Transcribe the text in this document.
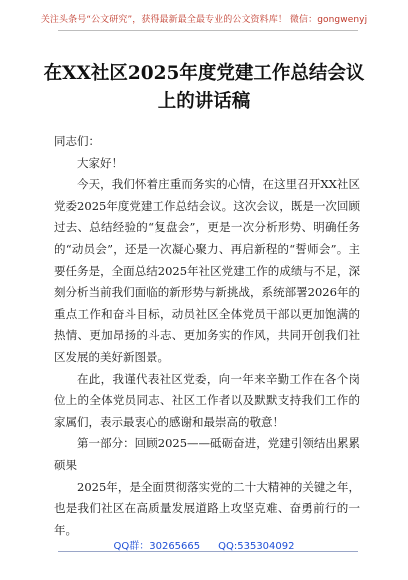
关注头条号“公文研究”，获得最新最全最专业的公文资料库！ 微信：gongwenyj
在XX社区2025年度党建工作总结会议
上的讲话稿

同志们：

大家好！

今天，我们怀着庄重而务实的心情，在这里召开XX社区党委2025年度党建工作总结会议。这次会议，既是一次回顾过去、总结经验的“复盘会”，更是一次分析形势、明确任务的“动员会”，还是一次凝心聚力、再启新程的“誓师会”。主要任务是，全面总结2025年社区党建工作的成绩与不足，深刻分析当前我们面临的新形势与新挑战，系统部署2026年的重点工作和奋斗目标，动员社区全体党员干部以更加饱满的热情、更加昂扬的斗志、更加务实的作风，共同开创我们社区发展的美好新图景。

在此，我谨代表社区党委，向一年来辛勤工作在各个岗位上的全体党员同志、社区工作者以及默默支持我们工作的家属们，表示最衷心的感谢和最崇高的敬意！

第一部分：回顾2025——砥砺奋进，党建引领结出累累硕果

2025年，是全面贯彻落实党的二十大精神的关键之年，也是我们社区在高质量发展道路上攻坚克难、奋勇前行的一年。

QQ群：30265665 QQ:535304092
